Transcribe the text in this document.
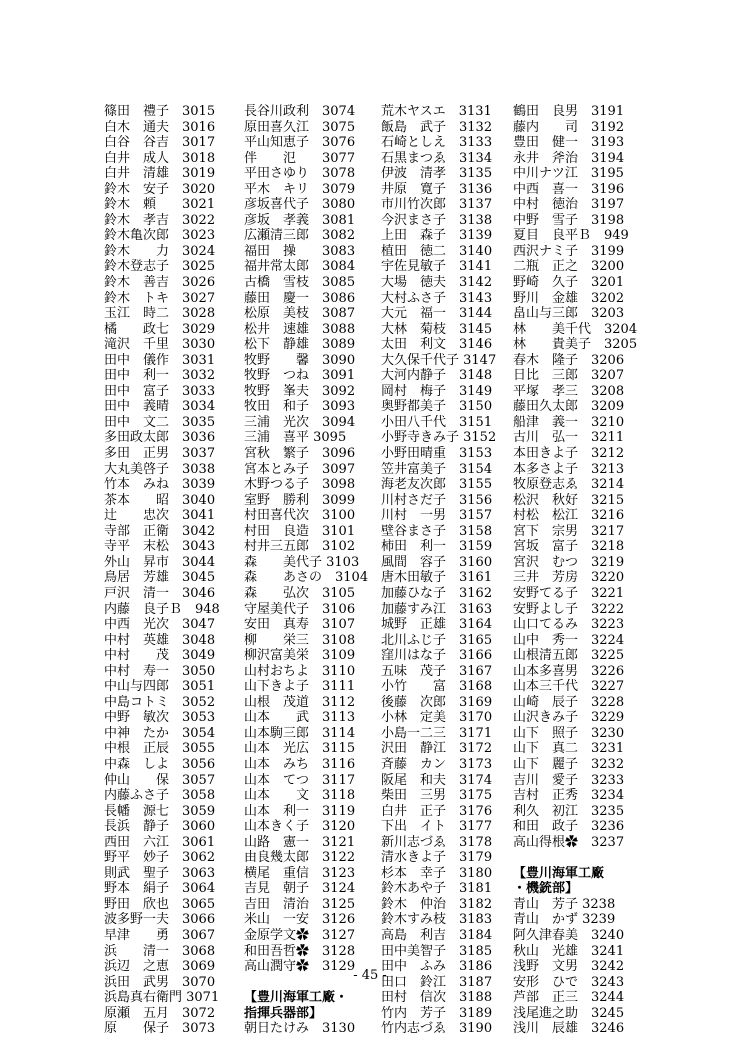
篠田　禮子　3015
白木　通夫　3016
白谷　谷吉　3017
白井　成人　3018
白井　清雄　3019
鈴木　安子　3020
鈴木　頼　　3021
鈴木　孝吉　3022
鈴木亀次郎　3023
鈴木　　力　3024
鈴木登志子　3025
鈴木　善吉　3026
鈴木　トキ　3027
玉江　時二　3028
橘　　政七　3029
滝沢　千里　3030
田中　儀作　3031
田中　利一　3032
田中　富子　3033
田中　義晴　3034
田中　文二　3035
多田政太郎　3036
多田　正男　3037
大丸美啓子　3038
竹本　みね　3039
茶本　　昭　3040
辻　　忠次　3041
寺部　正衛　3042
寺平　末松　3043
外山　昇市　3044
鳥居　芳雄　3045
戸沢　清一　3046
内藤　良子Ｂ　948
中西　光次　3047
中村　英雄　3048
中村　　茂　3049
中村　寿一　3050
中山与四郎　3051
中島コトミ　3052
中野　敏次　3053
中神　たか　3054
中根　正辰　3055
中森　しよ　3056
仲山　　保　3057
内藤ふさ子　3058
長幡　源七　3059
長浜　静子　3060
西田　六江　3061
野平　妙子　3062
則武　聖子　3063
野本　絹子　3064
野田　欣也　3065
波多野一夫　3066
早津　　勇　3067
浜　　清一　3068
浜辺　之恵　3069
浜田　武男　3070
浜島真右衛門 3071
原瀬　五月　3072
原　　保子　3073
長谷川政利　3074
原田喜久江　3075
平山知恵子　3076
伴　　氾　　3077
平田さゆり　3078
平木　キリ　3079
彦坂喜代子　3080
彦坂　孝義　3081
広瀬清三郎　3082
福田　操　　3083
福井常太郎　3084
古橋　雪枝　3085
藤田　慶一　3086
松原　美枝　3087
松井　速雄　3088
松下　静雄　3089
牧野　　馨　3090
牧野　つね　3091
牧野　峯夫　3092
牧田　和子　3093
三浦　光次　3094
三浦　喜平 3095
宮秋　繁子　3096
宮本とみ子　3097
木野つる子　3098
室野　勝利　3099
村田喜代次　3100
村田　良造　3101
村井三五郎　3102
森　　美代子 3103
森　　あさの　3104
森　　弘次　3105
守屋美代子　3106
安田　真寿　3107
柳　　栄三　3108
柳沢富美栄　3109
山村おちよ　3110
山下きよ子　3111
山根　茂道　3112
山本　　武　3113
山本駒三郎　3114
山本　光広　3115
山本　みち　3116
山本　てつ　3117
山本　　文　3118
山本　利一　3119
山本きく子　3120
山路　憲一　3121
由良幾太郎　3122
横尾　重信　3123
吉見　朝子　3124
吉田　清治　3125
米山　一安　3126
金原学文✿　3127
和田吾哲✿　3128
高山潤守✿　3129
【豊川海軍工廠・
指揮兵器部】
朝日たけみ　3130
荒木ヤスエ　3131
飯島　武子　3132
石崎としえ　3133
石黒まつゑ　3134
伊波　清孝　3135
井原　寛子　3136
市川竹次郎　3137
今沢まさ子　3138
上田　森子　3139
植田　徳二　3140
宇佐見敏子　3141
大場　徳夫　3142
大村ふさ子　3143
大元　福一　3144
大林　菊枝　3145
太田　利文　3146
大久保千代子 3147
大河内静子　3148
岡村　梅子　3149
奥野都美子　3150
小田八千代　3151
小野寺きみ子 3152
小野田晴重　3153
笠井富美子　3154
海老友次郎　3155
川村さだ子　3156
川村　一男　3157
壁谷まさ子　3158
柿田　利一　3159
風間　容子　3160
唐木田敏子　3161
加藤ひな子　3162
加藤すみ江　3163
城野　正雄　3164
北川ふじ子　3165
窪川はな子　3166
五味　茂子　3167
小竹　　富　3168
後藤　次郎　3169
小林　定美　3170
小島一二三　3171
沢田　静江　3172
斉藤　カン　3173
阪尾　和夫　3174
柴田　三男　3175
白井　正子　3176
下出　イト　3177
新川志づゑ　3178
清水きよ子　3179
杉本　幸子　3180
鈴木あや子　3181
鈴木　仲治　3182
鈴木すみ枝　3183
高島　利吉　3184
田中美智子　3185
田中　ふみ　3186
田口　鈴江　3187
田村　信次　3188
竹内　芳子　3189
竹内志づゑ　3190
鶴田　良男　3191
藤内　　司　3192
豊田　健一　3193
永井　斧治　3194
中川ナツ江　3195
中西　喜一　3196
中村　徳治　3197
中野　雪子　3198
夏目　良平Ｂ　949
西沢ナミ子　3199
二瓶　正之　3200
野崎　久子　3201
野川　金雄　3202
畠山与三郎　3203
林　　美千代　3204
林　　貴美子　3205
春木　隆子　3206
日比　三郎　3207
平塚　孝三　3208
藤田久太郎　3209
船津　義一　3210
古川　弘一　3211
本田きよ子　3212
本多さよ子　3213
牧原登志ゑ　3214
松沢　秋好　3215
村松　松江　3216
宮下　宗男　3217
宮坂　富子　3218
宮沢　むつ　3219
三井　芳房　3220
安野てる子　3221
安野よし子　3222
山口てるみ　3223
山中　秀一　3224
山根清五郎　3225
山本多喜男　3226
山本三千代　3227
山崎　辰子　3228
山沢きみ子　3229
山下　照子　3230
山下　真二　3231
山下　麗子　3232
吉川　愛子　3233
吉村　正秀　3234
利久　初江　3235
和田　政子　3236
高山得根✿　3237
【豊川海軍工廠
・機銃部】
青山　芳子 3238
青山　かず 3239
阿久津春美　3240
秋山　光雄　3241
浅野　文男　3242
安形　ひで　3243
芦部　正三　3244
浅尾進之助　3245
浅川　辰雄　3246
- 45 -
